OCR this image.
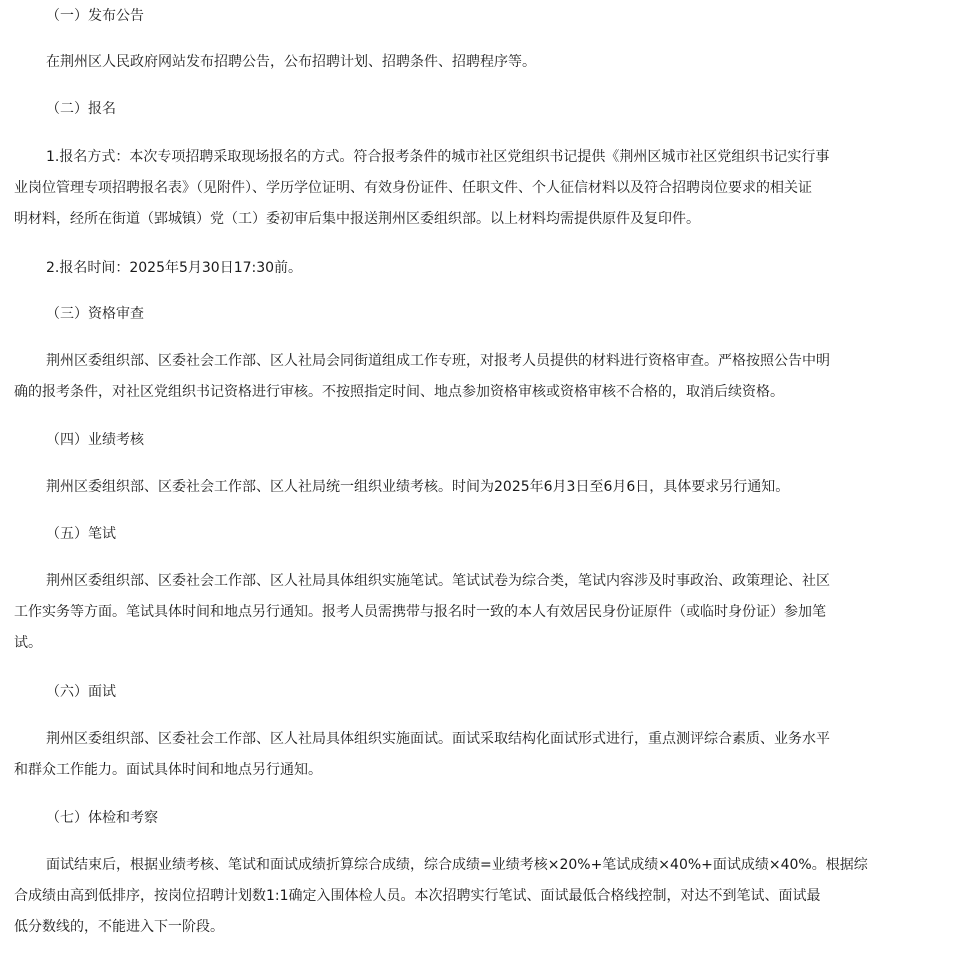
（一）发布公告
在荆州区人民政府网站发布招聘公告，公布招聘计划、招聘条件、招聘程序等。
（二）报名
1.报名方式：本次专项招聘采取现场报名的方式。符合报考条件的城市社区党组织书记提供《荆州区城市社区党组织书记实行事
业岗位管理专项招聘报名表》（见附件）、学历学位证明、有效身份证件、任职文件、个人征信材料以及符合招聘岗位要求的相关证
明材料，经所在街道（郢城镇）党（工）委初审后集中报送荆州区委组织部。以上材料均需提供原件及复印件。
2.报名时间：2025年5月30日17:30前。
（三）资格审查
荆州区委组织部、区委社会工作部、区人社局会同街道组成工作专班，对报考人员提供的材料进行资格审查。严格按照公告中明
确的报考条件，对社区党组织书记资格进行审核。不按照指定时间、地点参加资格审核或资格审核不合格的，取消后续资格。
（四）业绩考核
荆州区委组织部、区委社会工作部、区人社局统一组织业绩考核。时间为2025年6月3日至6月6日，具体要求另行通知。
（五）笔试
荆州区委组织部、区委社会工作部、区人社局具体组织实施笔试。笔试试卷为综合类，笔试内容涉及时事政治、政策理论、社区
工作实务等方面。笔试具体时间和地点另行通知。报考人员需携带与报名时一致的本人有效居民身份证原件（或临时身份证）参加笔
试。
（六）面试
荆州区委组织部、区委社会工作部、区人社局具体组织实施面试。面试采取结构化面试形式进行，重点测评综合素质、业务水平
和群众工作能力。面试具体时间和地点另行通知。
（七）体检和考察
面试结束后，根据业绩考核、笔试和面试成绩折算综合成绩，综合成绩=业绩考核×20%+笔试成绩×40%+面试成绩×40%。根据综
合成绩由高到低排序，按岗位招聘计划数1:1确定入围体检人员。本次招聘实行笔试、面试最低合格线控制，对达不到笔试、面试最
低分数线的，不能进入下一阶段。
